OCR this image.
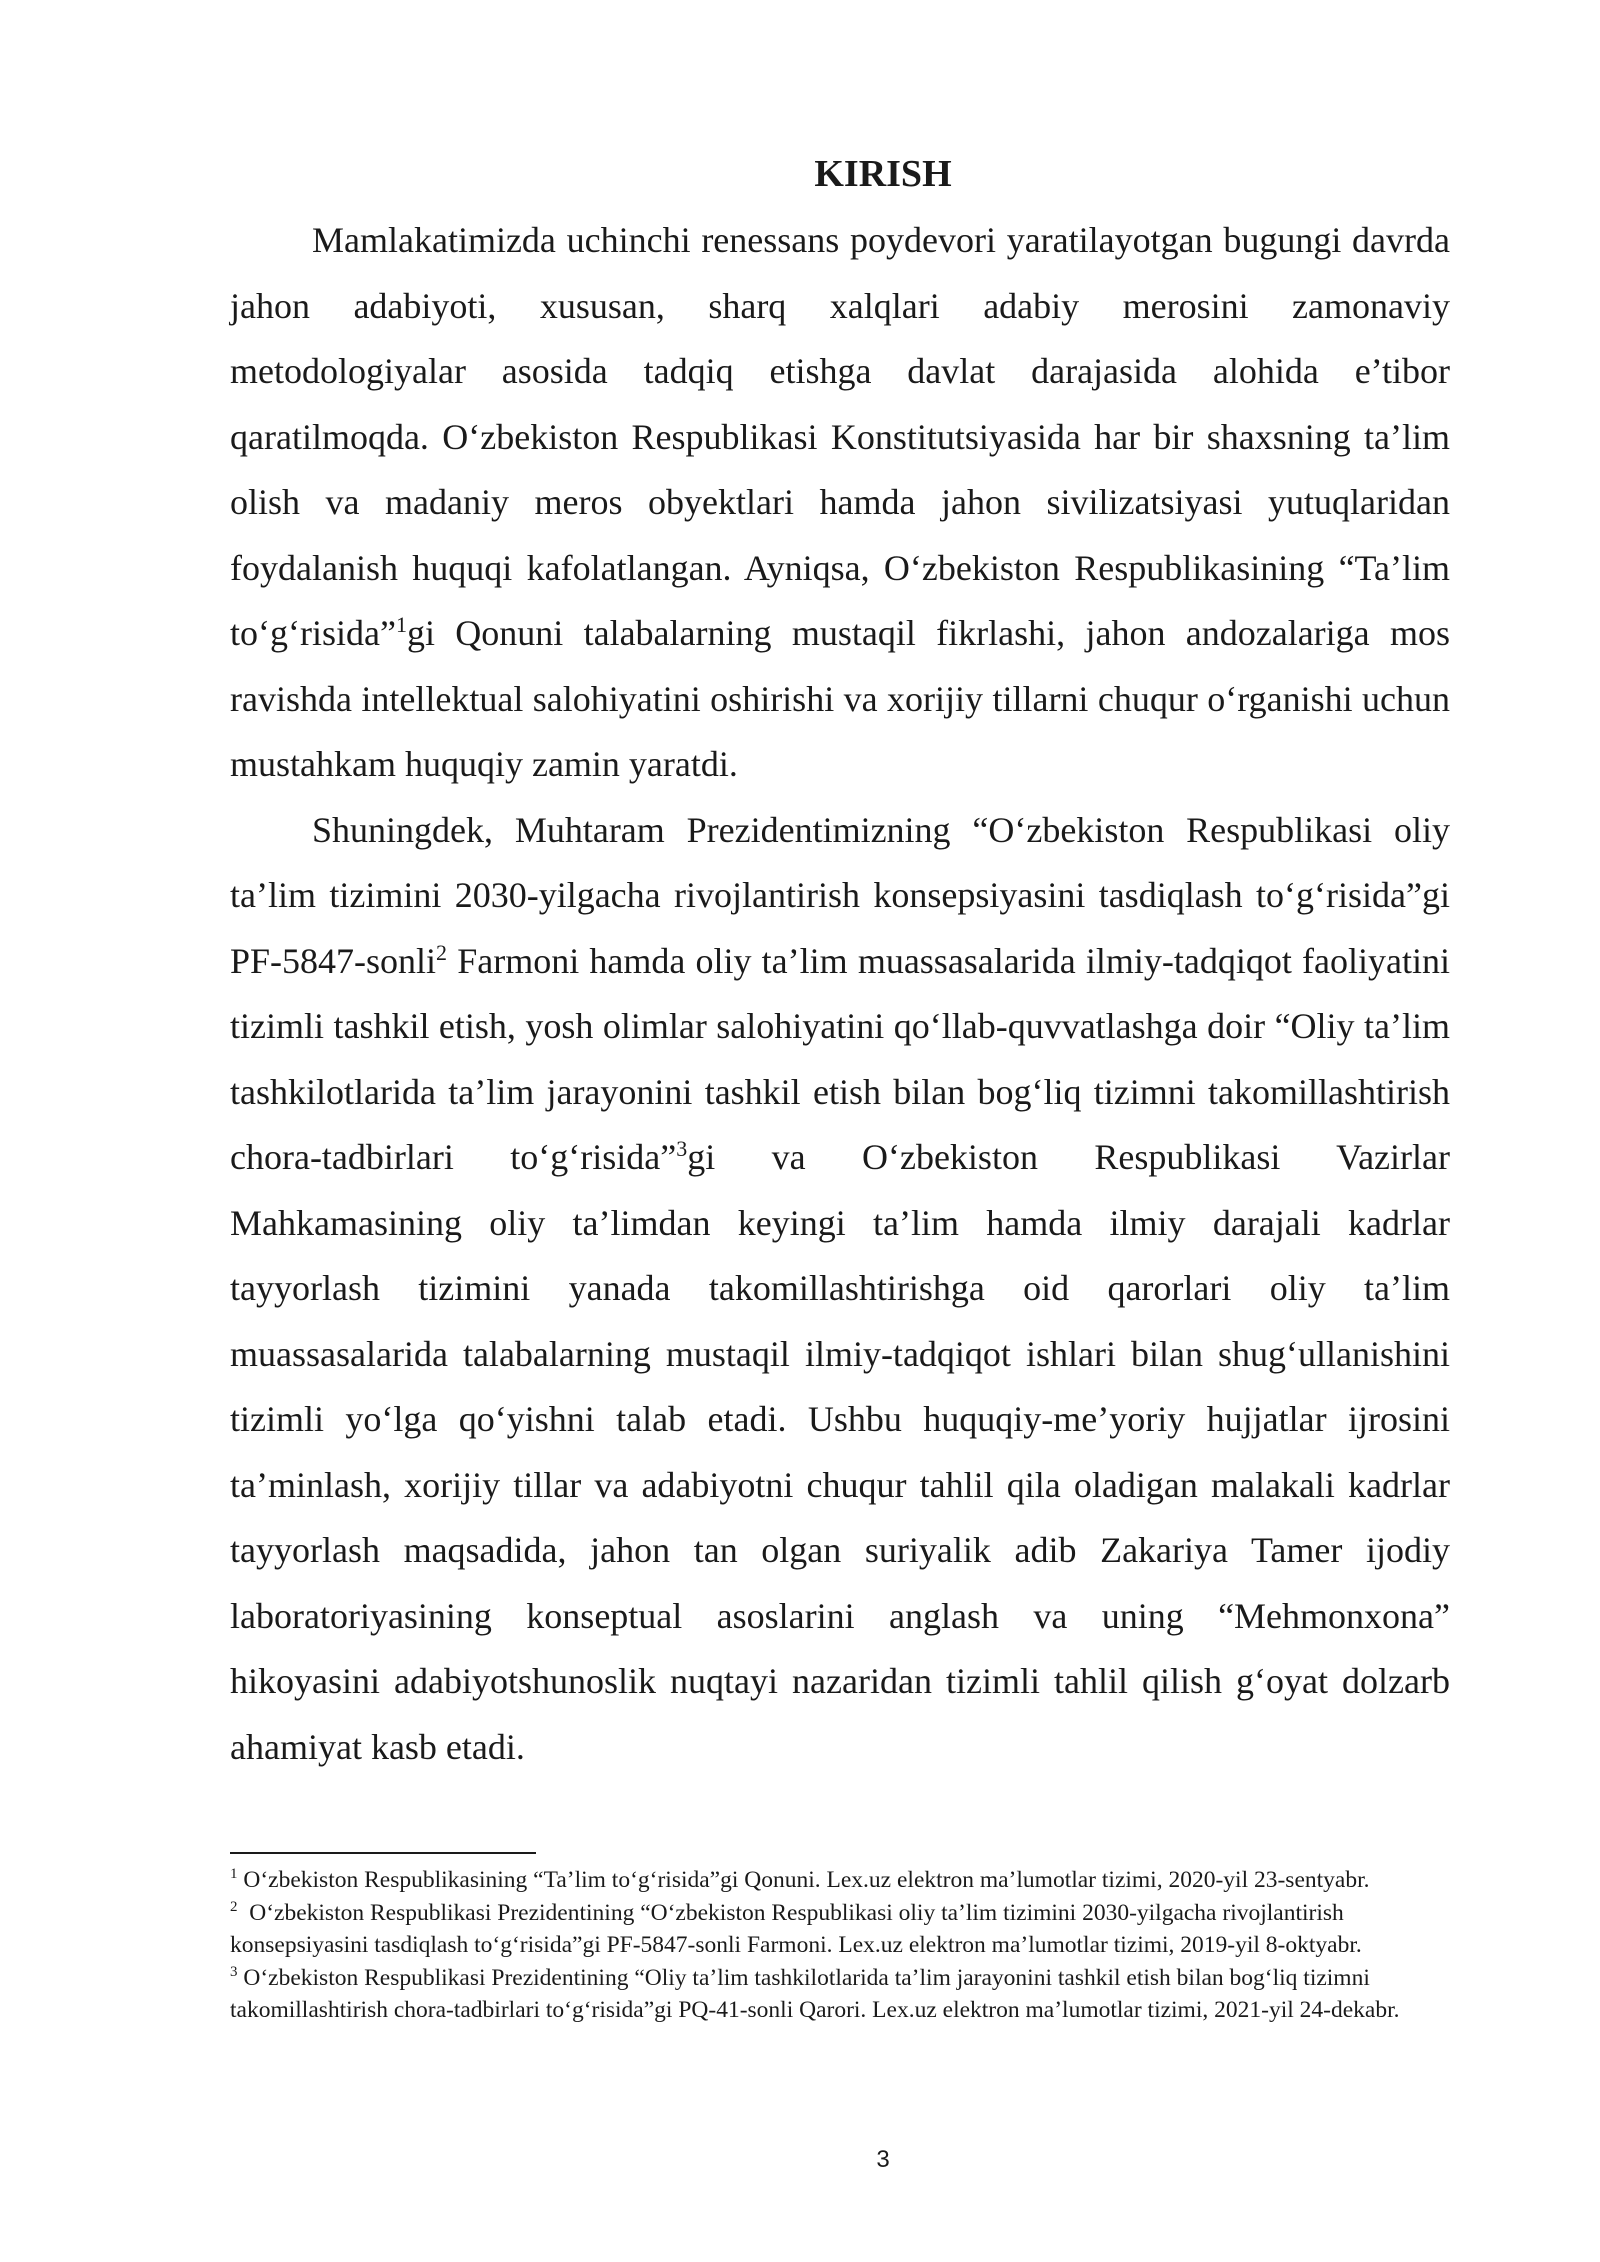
KIRISH

Mamlakatimizda uchinchi renessans poydevori yaratilayotgan bugungi davrda jahon adabiyoti, xususan, sharq xalqlari adabiy merosini zamonaviy metodologiyalar asosida tadqiq etishga davlat darajasida alohida e’tibor qaratilmoqda. O‘zbekiston Respublikasi Konstitutsiyasida har bir shaxsning ta’lim olish va madaniy meros obyektlari hamda jahon sivilizatsiyasi yutuqlaridan foydalanish huquqi kafolatlangan. Ayniqsa, O‘zbekiston Respublikasining “Ta’lim to‘g‘risida”$^1$gi Qonuni talabalarning mustaqil fikrlashi, jahon andozalariga mos ravishda intellektual salohiyatini oshirishi va xorijiy tillarni chuqur o‘rganishi uchun mustahkam huquqiy zamin yaratdi.

Shuningdek, Muhtaram Prezidentimizning “O‘zbekiston Respublikasi oliy ta’lim tizimini 2030-yilgacha rivojlantirish konsepsiyasini tasdiqlash to‘g‘risida”gi PF-5847-sonli$^2$ Farmoni hamda oliy ta’lim muassasalarida ilmiy-tadqiqot faoliyatini tizimli tashkil etish, yosh olimlar salohiyatini qo‘llab-quvvatlashga doir “Oliy ta’lim tashkilotlarida ta’lim jarayonini tashkil etish bilan bog‘liq tizimni takomillashtirish chora-tadbirlari to‘g‘risida”$^3$gi va O‘zbekiston Respublikasi Vazirlar Mahkamasining oliy ta’limdan keyingi ta’lim hamda ilmiy darajali kadrlar tayyorlash tizimini yanada takomillashtirishga oid qarorlari oliy ta’lim muassasalarida talabalarning mustaqil ilmiy-tadqiqot ishlari bilan shug‘ullanishini tizimli yo‘lga qo‘yishni talab etadi. Ushbu huquqiy-me’yoriy hujjatlar ijrosini ta’minlash, xorijiy tillar va adabiyotni chuqur tahlil qila oladigan malakali kadrlar tayyorlash maqsadida, jahon tan olgan suriyalik adib Zakariya Tamer ijodiy laboratoriyasining konseptual asoslarini anglash va uning “Mehmonxona” hikoyasini adabiyotshunoslik nuqtayi nazaridan tizimli tahlil qilish g‘oyat dolzarb ahamiyat kasb etadi.

$^1$ O‘zbekiston Respublikasining “Ta’lim to‘g‘risida”gi Qonuni. Lex.uz elektron ma’lumotlar tizimi, 2020-yil 23-sentyabr.

$^2$  O‘zbekiston Respublikasi Prezidentining “O‘zbekiston Respublikasi oliy ta’lim tizimini 2030-yilgacha rivojlantirish konsepsiyasini tasdiqlash to‘g‘risida”gi PF-5847-sonli Farmoni. Lex.uz elektron ma’lumotlar tizimi, 2019-yil 8-oktyabr.

$^3$ O‘zbekiston Respublikasi Prezidentining “Oliy ta’lim tashkilotlarida ta’lim jarayonini tashkil etish bilan bog‘liq tizimni takomillashtirish chora-tadbirlari to‘g‘risida”gi PQ-41-sonli Qarori. Lex.uz elektron ma’lumotlar tizimi, 2021-yil 24-dekabr.

3
